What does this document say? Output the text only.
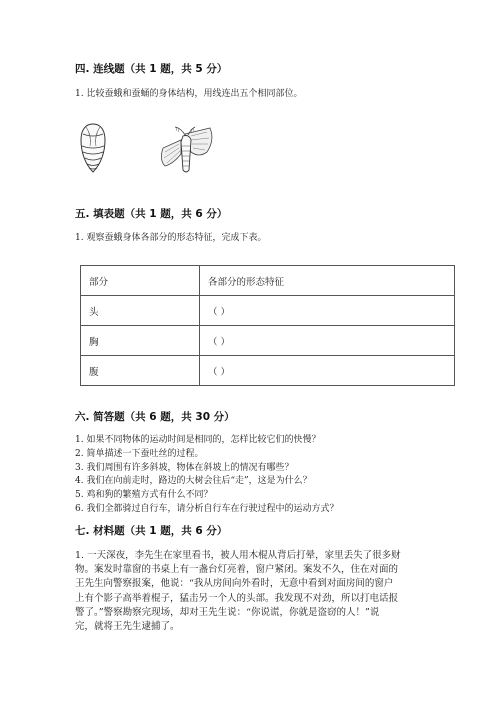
四. 连线题（共 1 题，共 5 分）
1. 比较蚕蛾和蚕蛹的身体结构，用线连出五个相同部位。
五. 填表题（共 1 题，共 6 分）
1. 观察蚕蛾身体各部分的形态特征，完成下表。
部分	各部分的形态特征
头	（ ）
胸	（ ）
腹	（ ）
六. 简答题（共 6 题，共 30 分）
1. 如果不同物体的运动时间是相同的，怎样比较它们的快慢？
2. 简单描述一下蚕吐丝的过程。
3. 我们周围有许多斜坡，物体在斜坡上的情况有哪些？
4. 我们在向前走时，路边的大树会往后“走”，这是为什么？
5. 鸡和狗的繁殖方式有什么不同？
6. 我们全都骑过自行车，请分析自行车在行驶过程中的运动方式？
七. 材料题（共 1 题，共 6 分）
1. 一天深夜，李先生在家里看书，被人用木棍从背后打晕，家里丢失了很多财
物。案发时靠窗的书桌上有一盏台灯亮着，窗户紧闭。案发不久，住在对面的
王先生向警察报案，他说：“我从房间向外看时，无意中看到对面房间的窗户
上有个影子高举着棍子，猛击另一个人的头部。我发现不对劲，所以打电话报
警了。”警察勘察完现场，却对王先生说：“你说谎，你就是盗窃的人！”说
完，就将王先生逮捕了。
